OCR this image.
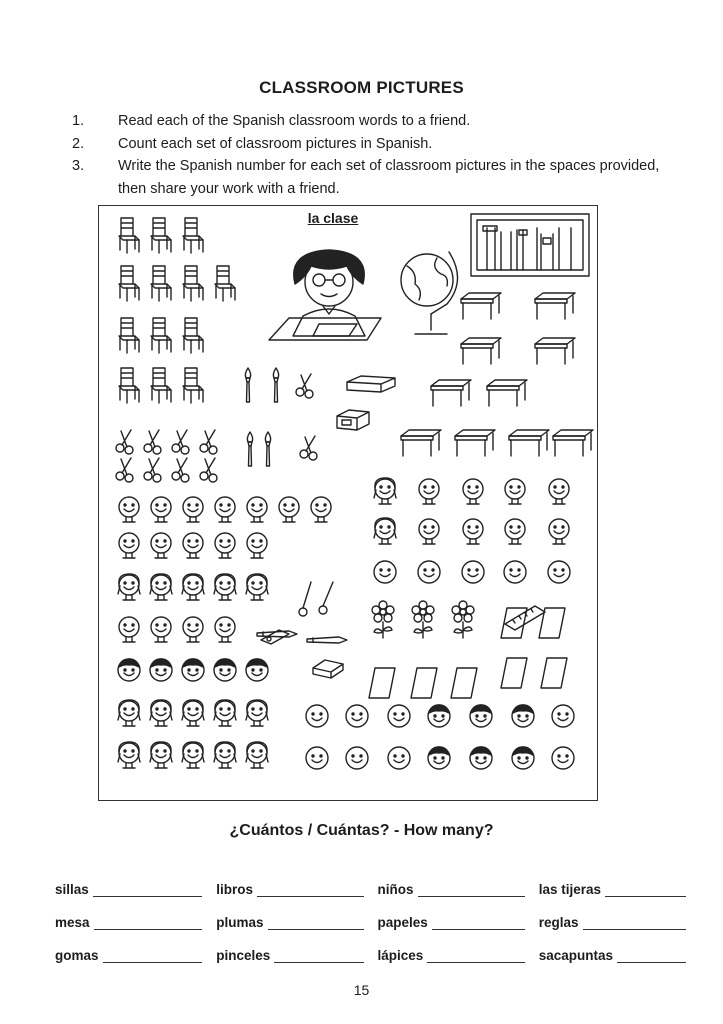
CLASSROOM PICTURES
1.	Read each of the Spanish classroom words to a friend.
2.	Count each set of classroom pictures in Spanish.
3.	Write the Spanish number for each set of classroom pictures in the spaces provided, then share your work with a friend.
la clase
¿Cuántos / Cuántas? - How many?
sillas	libros	niños	las tijeras
mesa	plumas	papeles	reglas
gomas	pinceles	lápices	sacapuntas
15
